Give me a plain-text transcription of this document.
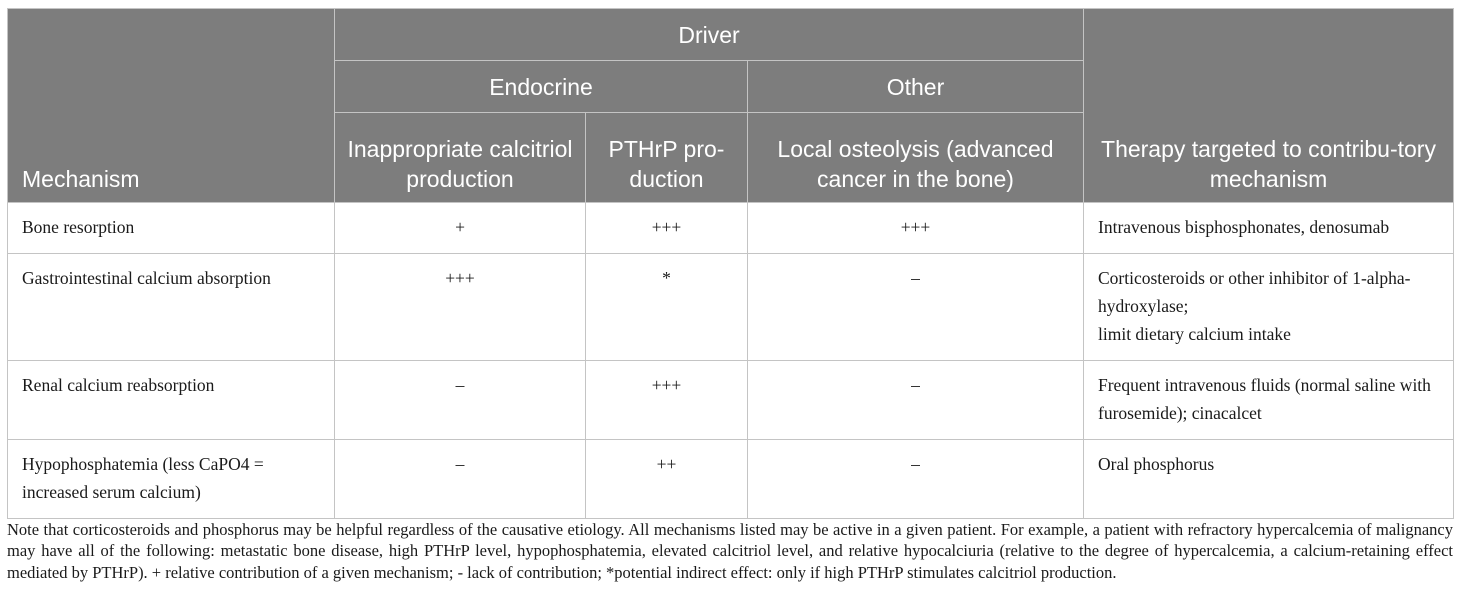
Mechanism	Driver			Therapy targeted to contribu-tory mechanism
	Endocrine		Other	
	Inappropriate calcitriol production	PTHrP pro-duction	Local osteolysis (advanced cancer in the bone)	
Bone resorption	+	+++	+++	Intravenous bisphosphonates, denosumab
Gastrointestinal calcium absorption	+++	*	–	Corticosteroids or other inhibitor of 1-alpha-hydroxylase;
limit dietary calcium intake
Renal calcium reabsorption	–	+++	–	Frequent intravenous fluids (normal saline with furosemide); cinacalcet
Hypophosphatemia (less CaPO4 = increased serum calcium)	–	++	–	Oral phosphorus

Note that corticosteroids and phosphorus may be helpful regardless of the causative etiology. All mechanisms listed may be active in a given patient. For example, a patient with refractory hypercalcemia of malignancy may have all of the following: metastatic bone disease, high PTHrP level, hypophosphatemia, elevated calcitriol level, and relative hypocalciuria (relative to the degree of hypercalcemia, a calcium-retaining effect mediated by PTHrP). + relative contribution of a given mechanism; - lack of contribution; *potential indirect effect: only if high PTHrP stimulates calcitriol production.
